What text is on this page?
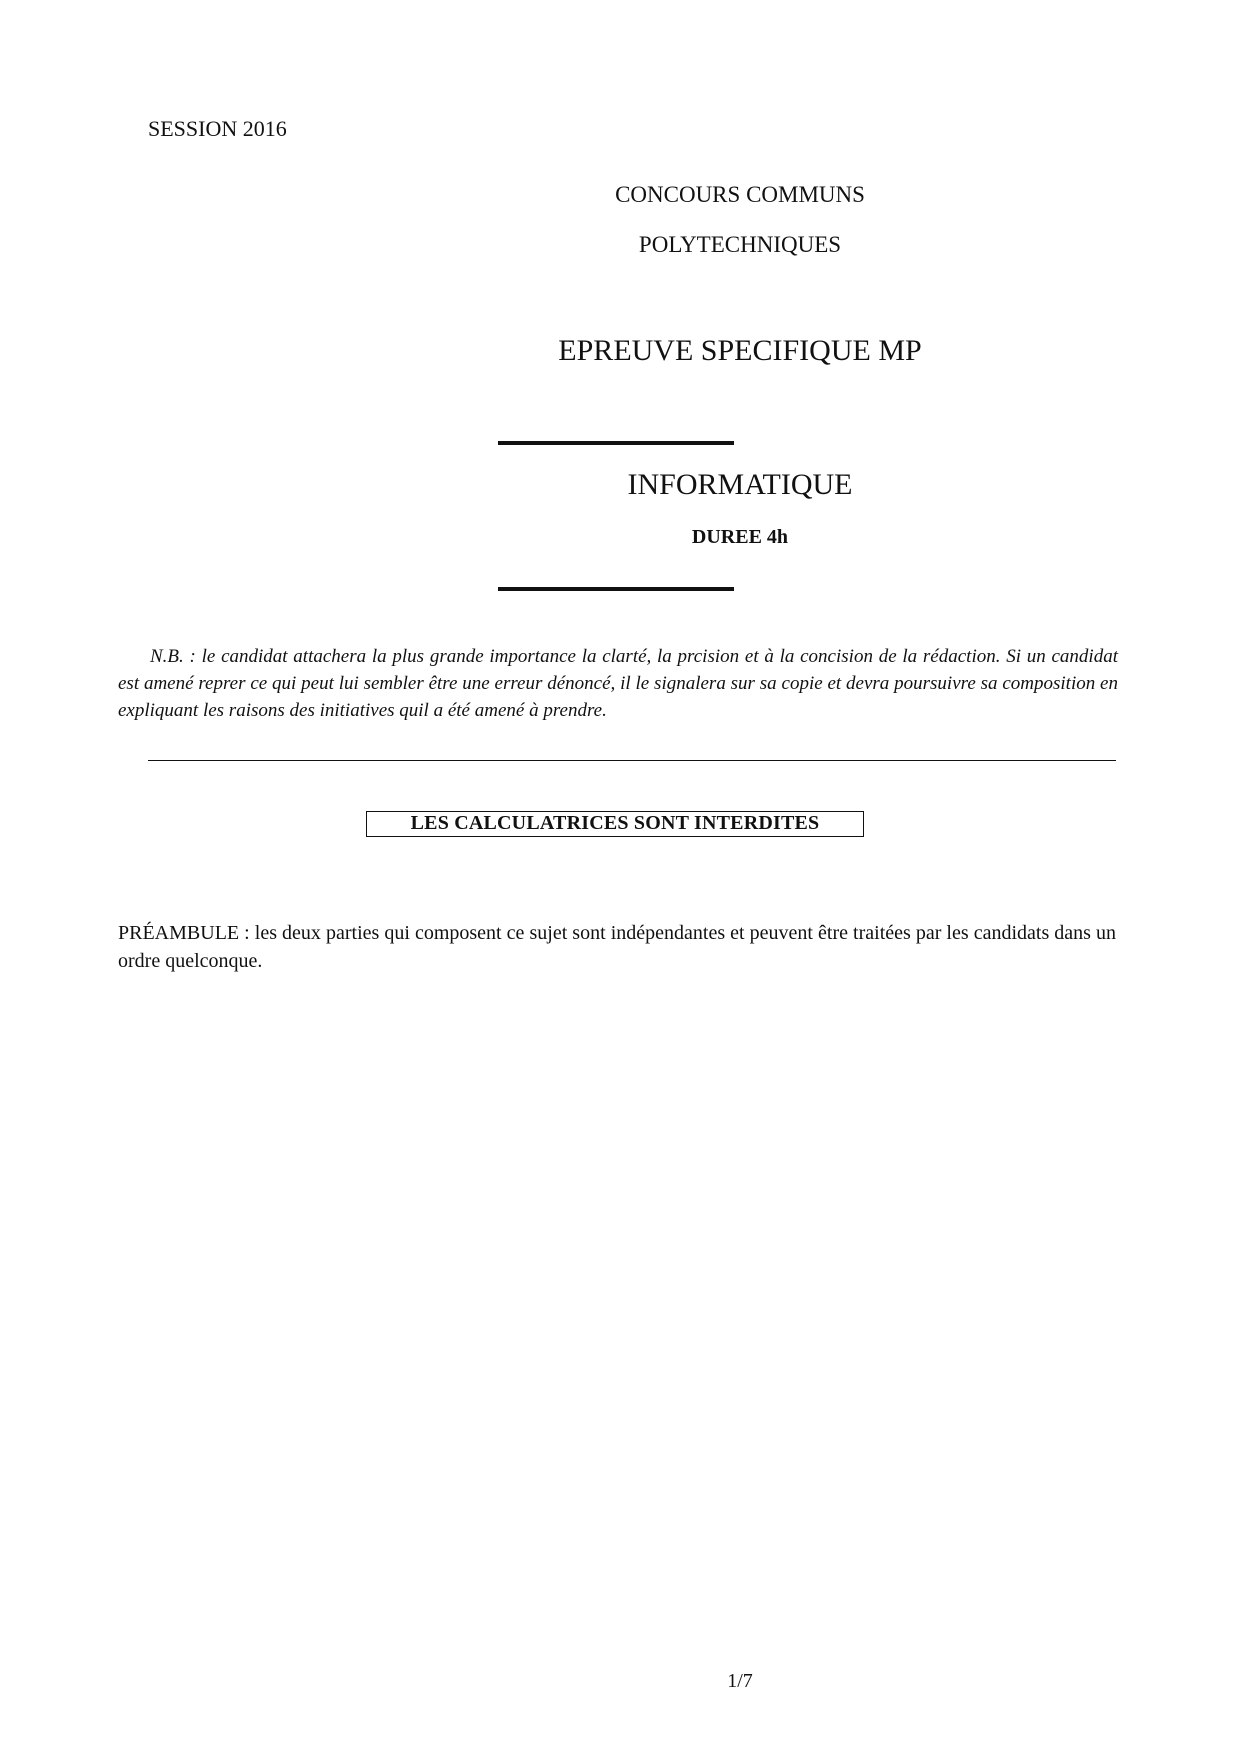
SESSION 2016
CONCOURS COMMUNS
POLYTECHNIQUES
EPREUVE SPECIFIQUE MP
INFORMATIQUE
DUREE 4h
N.B. : le candidat attachera la plus grande importance la clarté, la prcision et à la concision de la rédaction. Si un candidat est amené reprer ce qui peut lui sembler être une erreur dénoncé, il le signalera sur sa copie et devra poursuivre sa composition en expliquant les raisons des initiatives quil a été amené à prendre.
LES CALCULATRICES SONT INTERDITES
PRÉAMBULE : les deux parties qui composent ce sujet sont indépendantes et peuvent être traitées par les candidats dans un ordre quelconque.
1/7
